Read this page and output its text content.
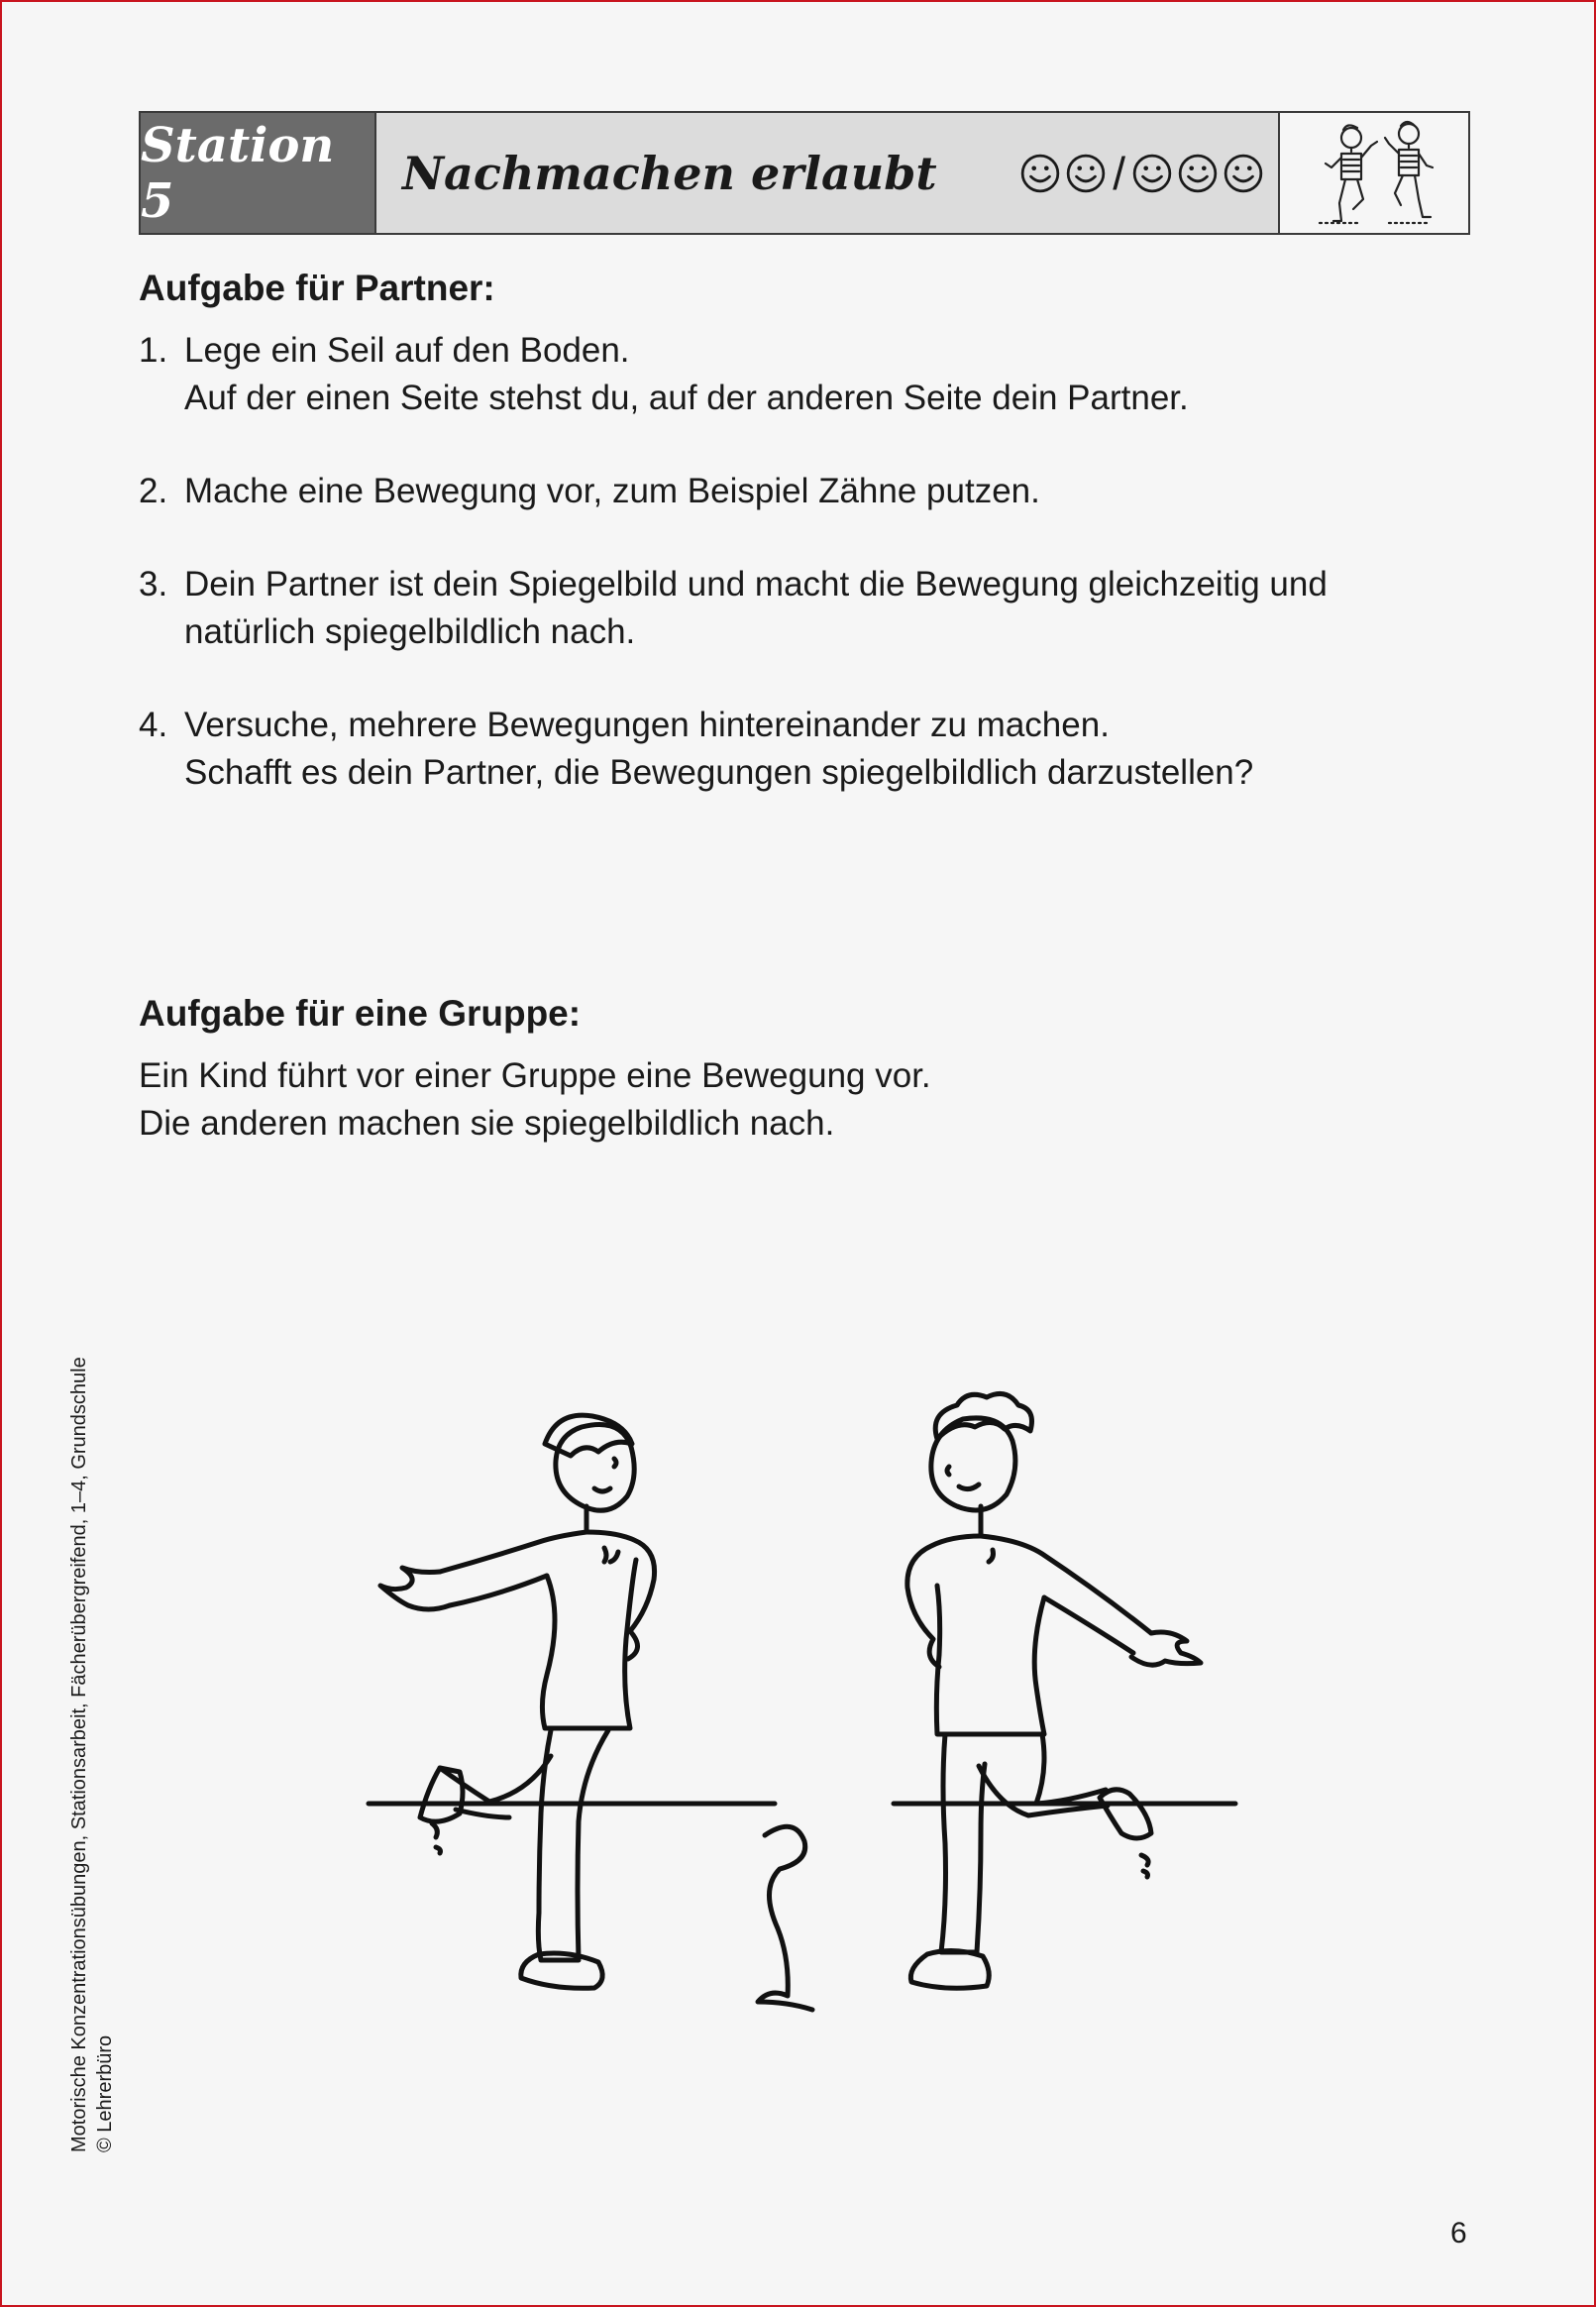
Station 5	Nachmachen erlaubt	/
Aufgabe für Partner:
1. Lege ein Seil auf den Boden.
Auf der einen Seite stehst du, auf der anderen Seite dein Partner.
2. Mache eine Bewegung vor, zum Beispiel Zähne putzen.
3. Dein Partner ist dein Spiegelbild und macht die Bewegung gleichzeitig und
natürlich spiegelbildlich nach.
4. Versuche, mehrere Bewegungen hintereinander zu machen.
Schafft es dein Partner, die Bewegungen spiegelbildlich darzustellen?
Aufgabe für eine Gruppe:
Ein Kind führt vor einer Gruppe eine Bewegung vor.
Die anderen machen sie spiegelbildlich nach.
Motorische Konzentrationsübungen, Stationsarbeit, Fächerübergreifend, 1–4, Grundschule © Lehrerbüro
6
